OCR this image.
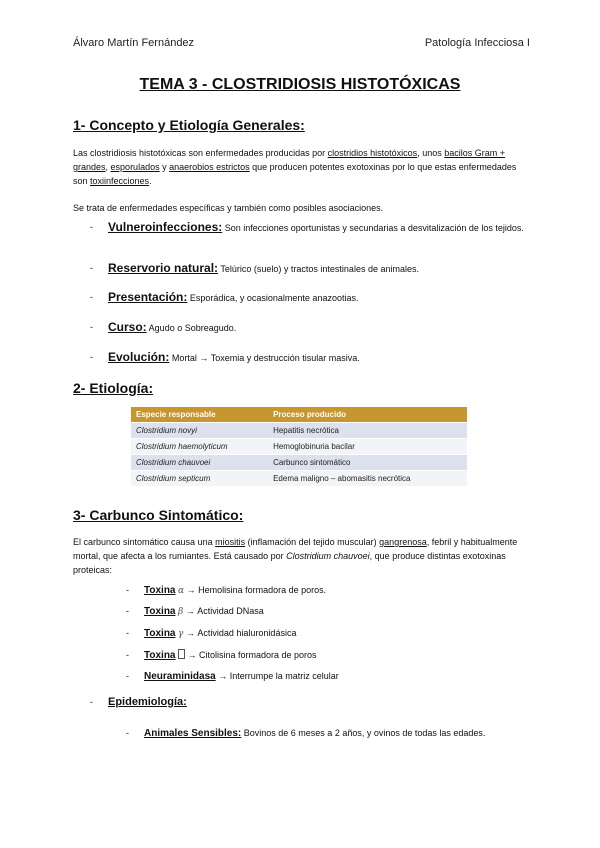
Álvaro Martín Fernández	Patología Infecciosa I
TEMA 3 - CLOSTRIDIOSIS HISTOTÓXICAS
1- Concepto y Etiología Generales:
Las clostridiosis histotóxicas son enfermedades producidas por clostridios histotóxicos, unos bacilos Gram + grandes, esporulados y anaerobios estrictos que producen potentes exotoxinas por lo que estas enfermedades son toxiinfecciones.
Se trata de enfermedades específicas y también como posibles asociaciones.
- Vulneroinfecciones: Son infecciones oportunistas y secundarias a desvitalización de los tejidos.
- Reservorio natural: Telúrico (suelo) y tractos intestinales de animales.
- Presentación: Esporádica, y ocasionalmente anazootias.
- Curso: Agudo o Sobreagudo.
- Evolución: Mortal → Toxemia y destrucción tisular masiva.
2- Etiología:
Especie responsable	Proceso producido
Clostridium novyi	Hepatitis necrótica
Clostridium haemolyticum	Hemoglobinuria bacilar
Clostridium chauvoei	Carbunco sintomático
Clostridium septicum	Edema maligno – abomasitis necrótica
3- Carbunco Sintomático:
El carbunco sintomático causa una miositis (inflamación del tejido muscular) gangrenosa, febril y habitualmente mortal, que afecta a los rumiantes. Está causado por Clostridium chauvoei, que produce distintas exotoxinas proteicas:
- Toxina α → Hemolisina formadora de poros.
- Toxina β → Actividad DNasa
- Toxina γ → Actividad hialuronidásica
- Toxina  → Citolisina formadora de poros
- Neuraminidasa → Interrumpe la matriz celular
- Epidemiología:
- Animales Sensibles: Bovinos de 6 meses a 2 años, y ovinos de todas las edades.
